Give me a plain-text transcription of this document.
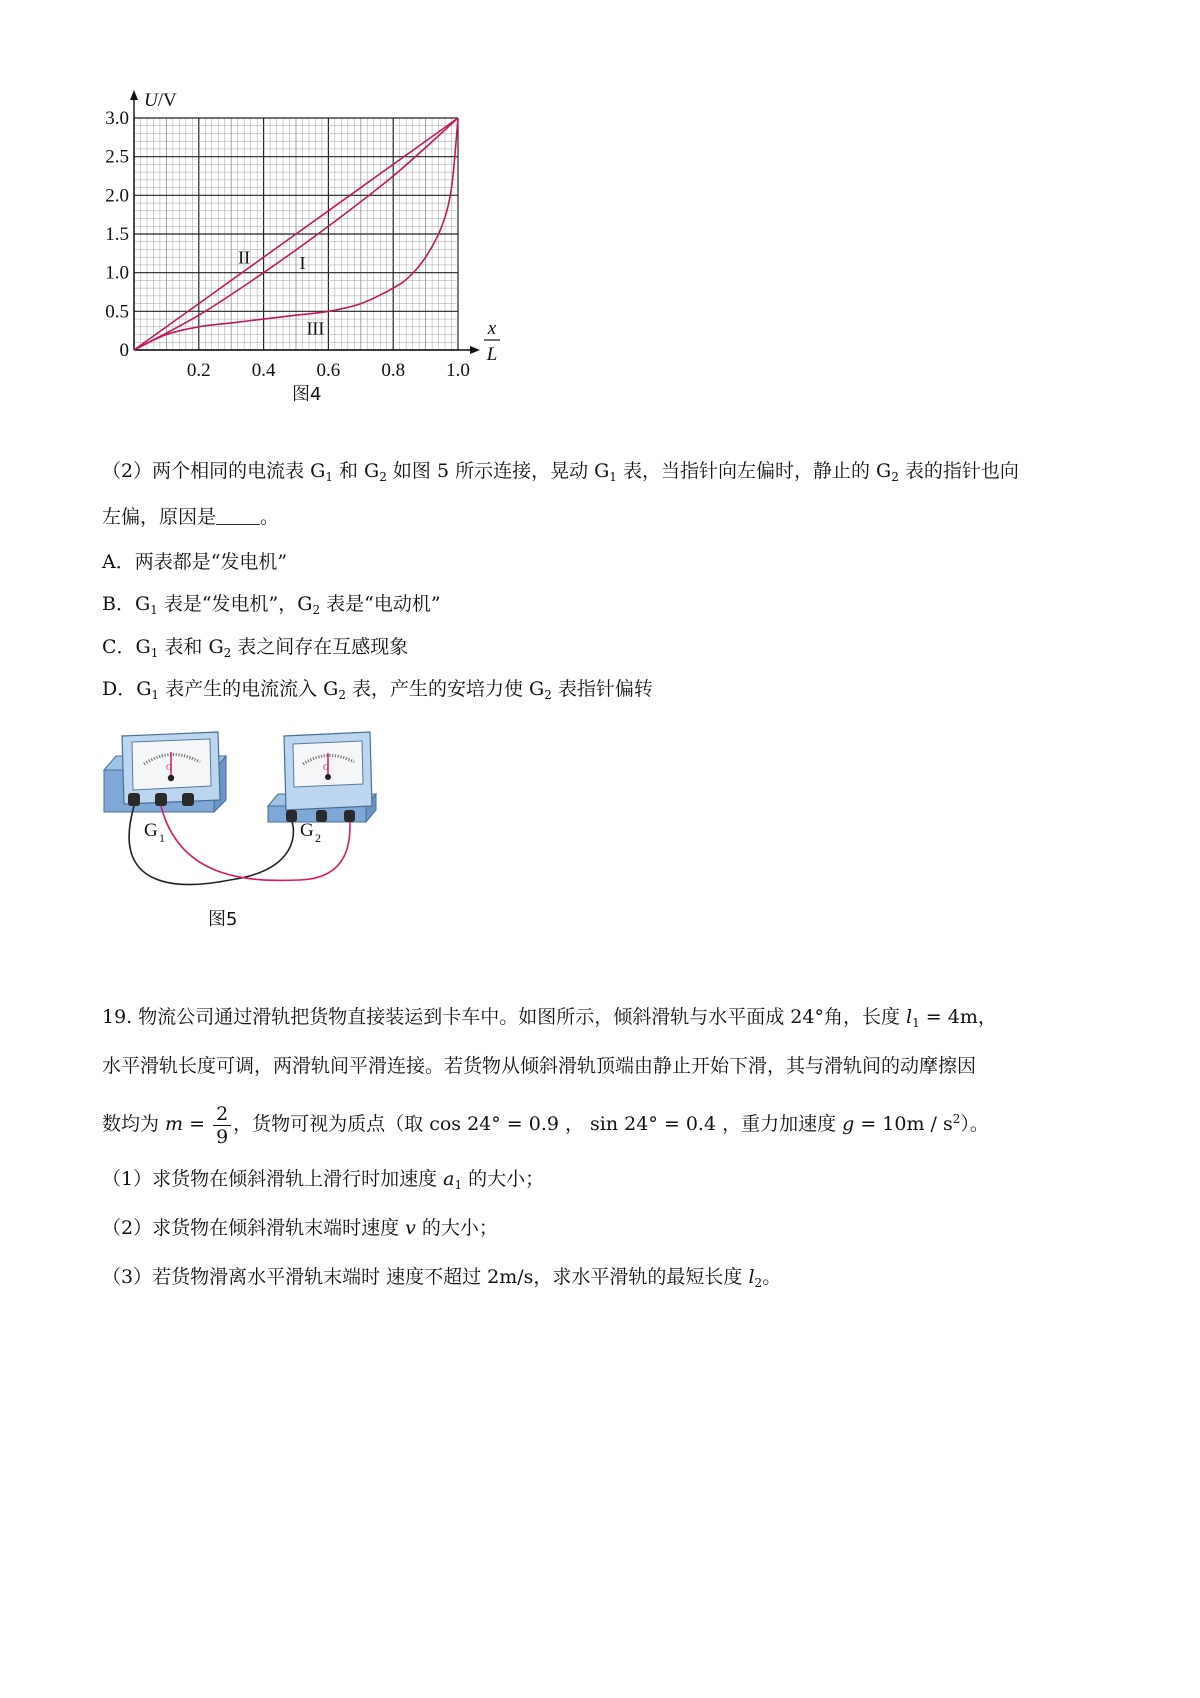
0
0.5
1.0
1.5
2.0
2.5
3.0
0.2 0.4 0.6 0.8 1.0
U/V
x
L
I
II
III
图4
（2）两个相同的电流表 $G_1$ 和 $G_2$ 如图 5 所示连接，晃动 $G_1$ 表，当指针向左偏时，静止的 $G_2$ 表的指针也向
左偏，原因是 。
A．两表都是“发电机”
B．$G_1$ 表是“发电机”，$G_2$ 表是“电动机”
C．$G_1$ 表和 $G_2$ 表之间存在互感现象
D．$G_1$ 表产生的电流流入 $G_2$ 表，产生的安培力使 $G_2$ 表指针偏转
G	G
G 1	G 2
图5
19. 物流公司通过滑轨把货物直接装运到卡车中。如图所示，倾斜滑轨与水平面成 24°角，长度 $l_1 = 4m$，
水平滑轨长度可调，两滑轨间平滑连接。若货物从倾斜滑轨顶端由静止开始下滑，其与滑轨间的动摩擦因
数均为 $m = \frac{2}{9}$ ，货物可视为质点（取 cos 24° = 0.9 ， sin 24° = 0.4 ，重力加速度 $g = 10m / s^2$）。
（1）求货物在倾斜滑轨上滑行时加速度 $a_1$ 的大小；
（2）求货物在倾斜滑轨末端时速度 v 的大小；
（3）若货物滑离水平滑轨末端时 速度不超过 2m/s，求水平滑轨的最短长度 $l_2$。
